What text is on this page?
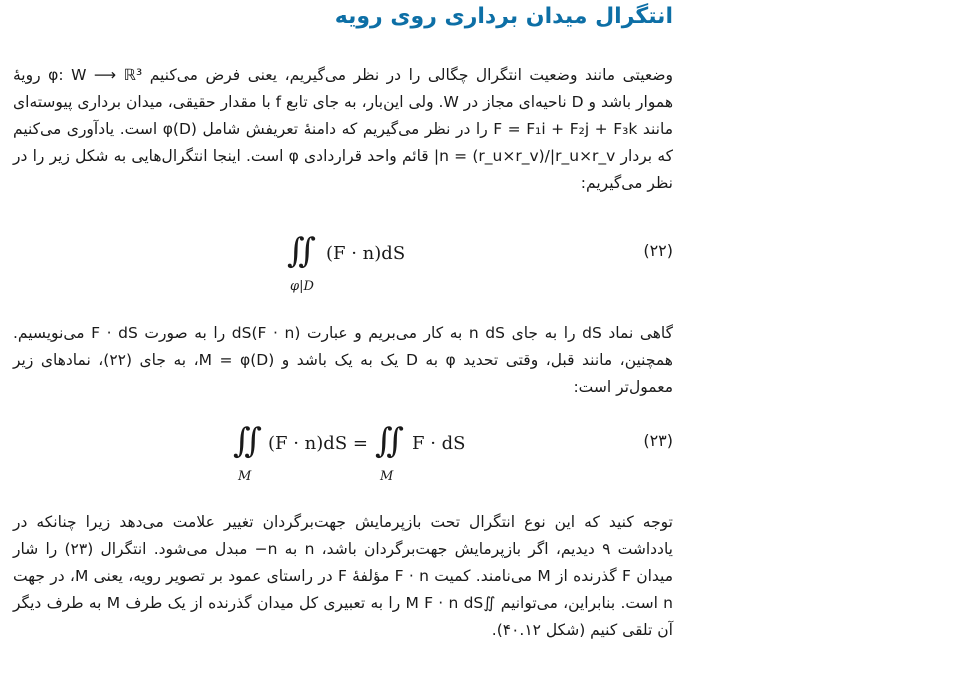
انتگرال میدان برداری روی رویه
وضعیتی مانند وضعیت انتگرال چگالی را در نظر می‌گیریم، یعنی فرض می‌کنیم φ: W ⟶ ℝ³ رویهٔ هموار باشد و D ناحیه‌ای مجاز در W. ولی این‌بار، به جای تابع f با مقدار حقیقی، میدان برداری پیوسته‌ای مانند F = F₁i + F₂j + F₃k را در نظر می‌گیریم که دامنهٔ تعریفش شامل φ(D) است. یادآوری می‌کنیم که بردار n = (r_u×r_v)/|r_u×r_v| قائم واحد قراردادی φ است. اینجا انتگرال‌هایی به شکل زیر را در نظر می‌گیریم:
∬
φ|D
(F · n)dS	(۲۲)
گاهی نماد dS را به جای n dS به کار می‌بریم و عبارت (F · n)dS را به صورت F · dS می‌نویسیم. همچنین، مانند قبل، وقتی تحدید φ به D یک به یک باشد و M = φ(D)، به جای (۲۲)، نمادهای زیر معمول‌تر است:
∬
M
(F · n)dS = ∬
M
F · dS	(۲۳)
توجه کنید که این نوع انتگرال تحت بازپرمایش جهت‌برگردان تغییر علامت می‌دهد زیرا چنانکه در یادداشت ۹ دیدیم، اگر بازپرمایش جهت‌برگردان باشد، n به n− مبدل می‌شود. انتگرال (۲۳) را شار میدان F گذرنده از M می‌نامند. کمیت F · n مؤلفهٔ F در راستای عمود بر تصویر رویه، یعنی M، در جهت n است. بنابراین، می‌توانیم ∬M F · n dS را به تعبیری کل میدان گذرنده از یک طرف M به طرف دیگر آن تلقی کنیم (شکل ۴۰.۱۲).
